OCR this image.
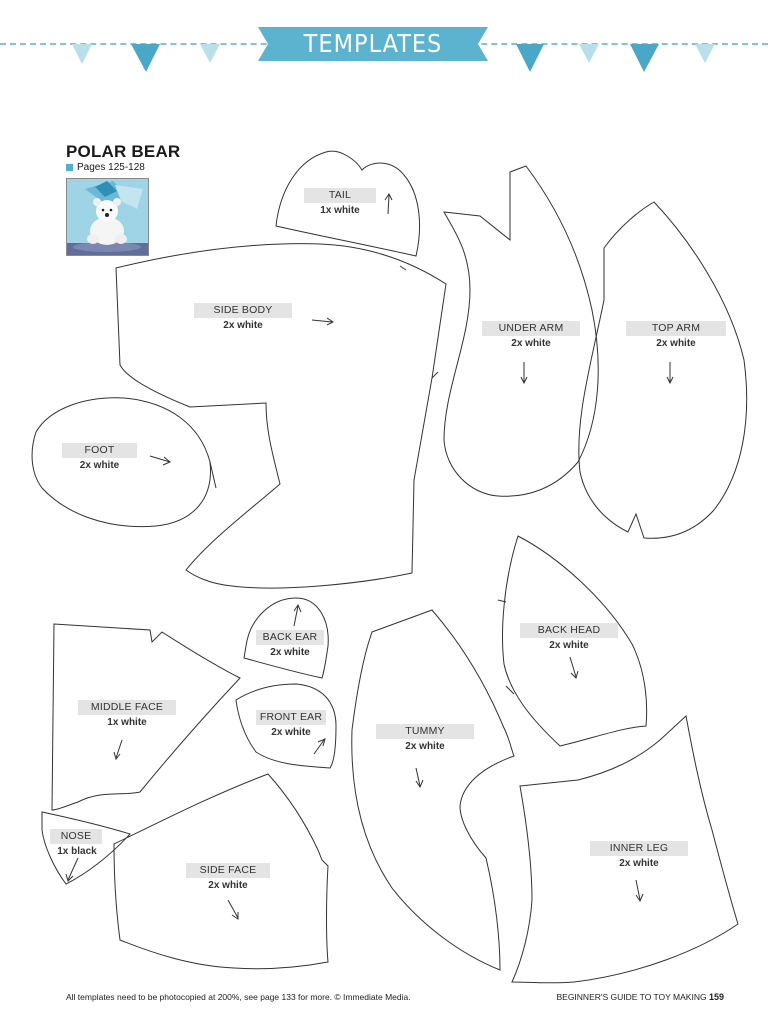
TEMPLATES
POLAR BEAR
Pages 125-128
TAIL
1x white
SIDE BODY
2x white	UNDER ARM
2x white
TOP ARM
2x white
FOOT
2x white
BACK EAR
2x white
BACK HEAD
2x white
MIDDLE FACE
1x white	FRONT EAR
2x white	TUMMY
2x white
INNER LEG
2x white
NOSE
1x black
SIDE FACE
2x white
All templates need to be photocopied at 200%, see page 133 for more. © Immediate Media.	BEGINNER'S GUIDE TO TOY MAKING 159
